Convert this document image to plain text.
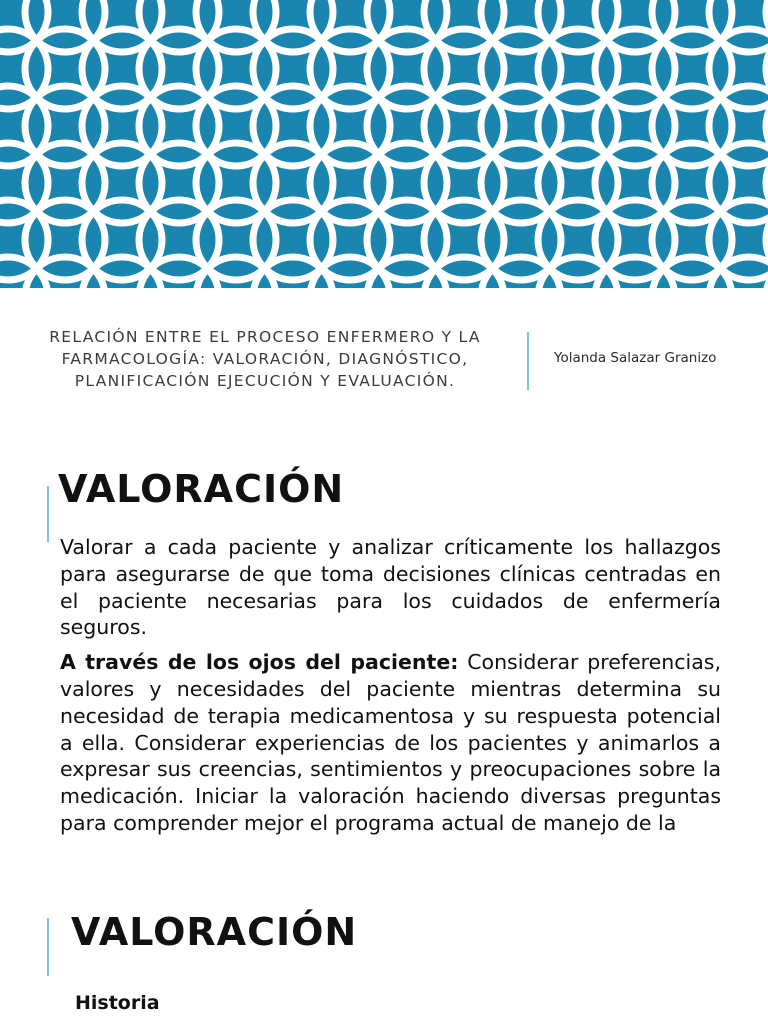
RELACIÓN ENTRE EL PROCESO ENFERMERO Y LA
FARMACOLOGÍA: VALORACIÓN, DIAGNÓSTICO,
PLANIFICACIÓN EJECUCIÓN Y EVALUACIÓN.
Yolanda Salazar Granizo
VALORACIÓN

Valorar a cada paciente y analizar críticamente los hallazgos para asegurarse de que toma decisiones clínicas centradas en el paciente necesarias para los cuidados de enfermería seguros.

A través de los ojos del paciente: Considerar preferencias, valores y necesidades del paciente mientras determina su necesidad de terapia medicamentosa y su respuesta potencial a ella. Considerar experiencias de los pacientes y animarlos a expresar sus creencias, sentimientos y preocupaciones sobre la medicación. Iniciar la valoración haciendo diversas preguntas para comprender mejor el programa actual de manejo de la

VALORACIÓN
Historia
